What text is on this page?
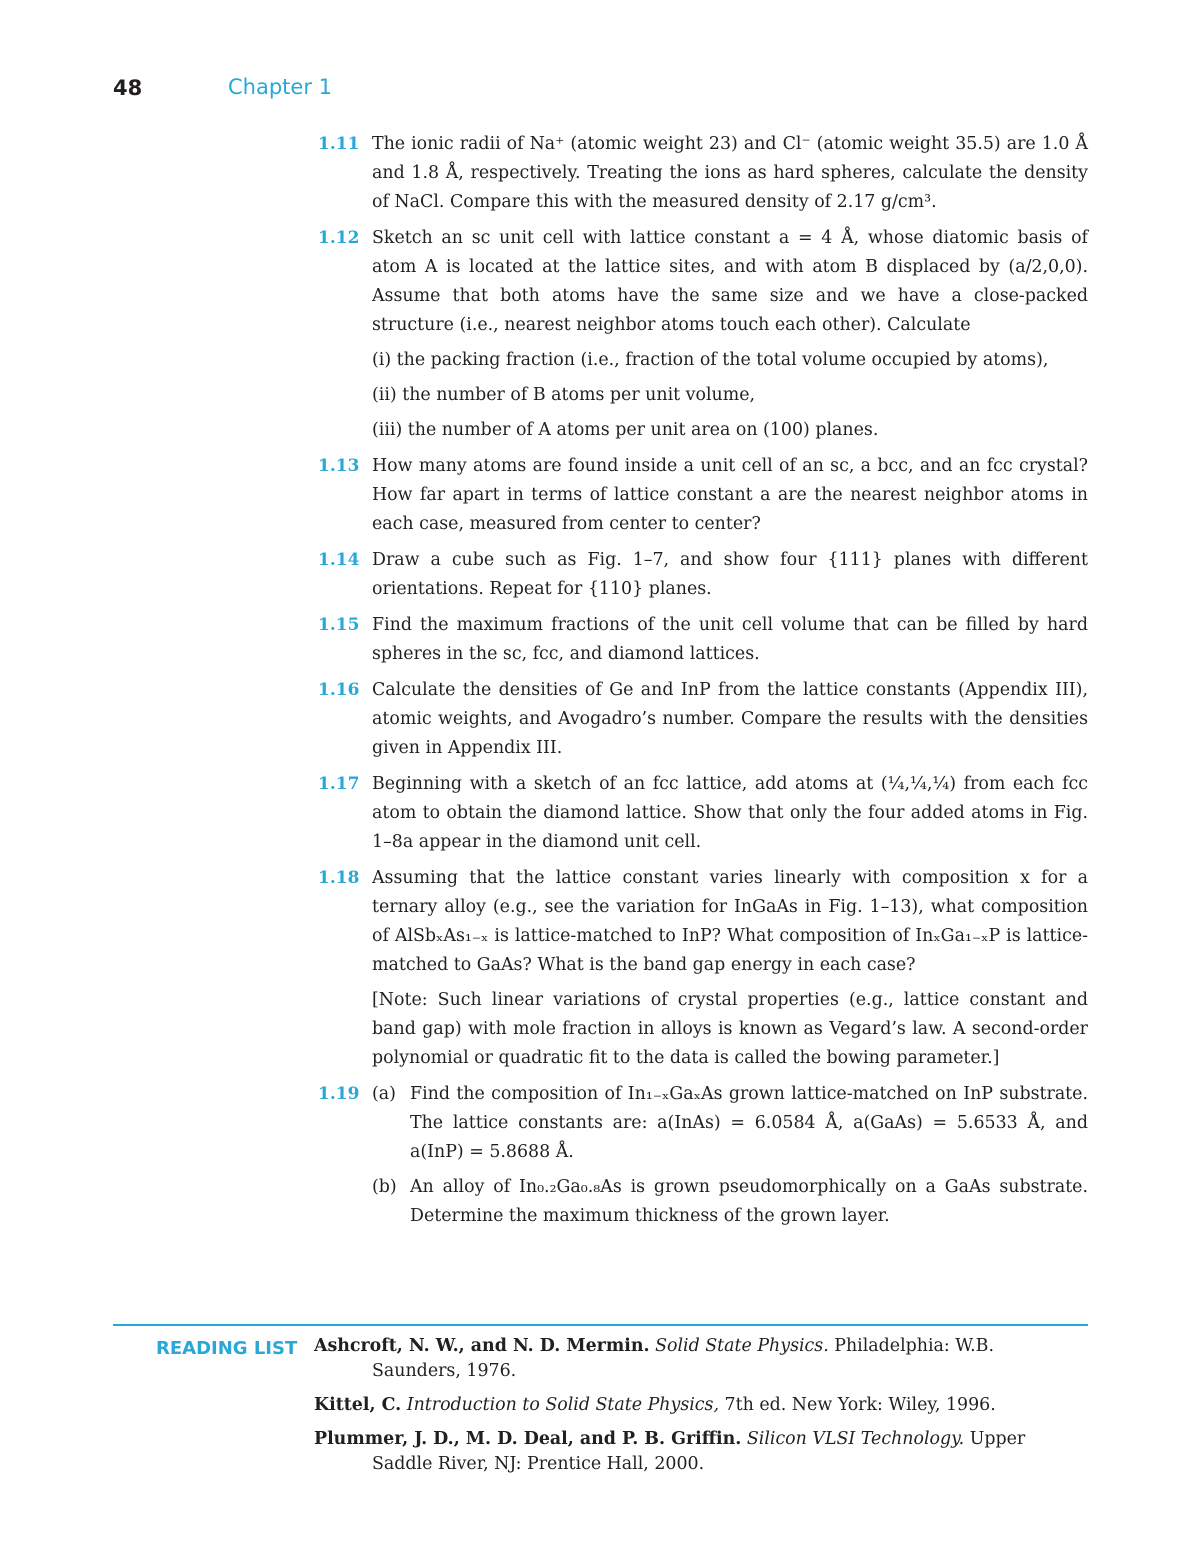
48	Chapter 1
1.11 The ionic radii of Na⁺ (atomic weight 23) and Cl⁻ (atomic weight 35.5) are 1.0 Å and 1.8 Å, respectively. Treating the ions as hard spheres, calculate the density of NaCl. Compare this with the measured density of 2.17 g/cm³.
1.12 Sketch an sc unit cell with lattice constant a = 4 Å, whose diatomic basis of atom A is located at the lattice sites, and with atom B displaced by (a/2,0,0). Assume that both atoms have the same size and we have a close-packed structure (i.e., nearest neighbor atoms touch each other). Calculate
(i) the packing fraction (i.e., fraction of the total volume occupied by atoms),
(ii) the number of B atoms per unit volume,
(iii) the number of A atoms per unit area on (100) planes.
1.13 How many atoms are found inside a unit cell of an sc, a bcc, and an fcc crystal? How far apart in terms of lattice constant a are the nearest neighbor atoms in each case, measured from center to center?
1.14 Draw a cube such as Fig. 1–7, and show four {111} planes with different orientations. Repeat for {110} planes.
1.15 Find the maximum fractions of the unit cell volume that can be filled by hard spheres in the sc, fcc, and diamond lattices.
1.16 Calculate the densities of Ge and InP from the lattice constants (Appendix III), atomic weights, and Avogadro’s number. Compare the results with the densities given in Appendix III.
1.17 Beginning with a sketch of an fcc lattice, add atoms at (¼,¼,¼) from each fcc atom to obtain the diamond lattice. Show that only the four added atoms in Fig. 1–8a appear in the diamond unit cell.
1.18 Assuming that the lattice constant varies linearly with composition x for a ternary alloy (e.g., see the variation for InGaAs in Fig. 1–13), what composition of AlSbₓAs₁₋ₓ is lattice-matched to InP? What composition of InₓGa₁₋ₓP is lattice-matched to GaAs? What is the band gap energy in each case?
[Note: Such linear variations of crystal properties (e.g., lattice constant and band gap) with mole fraction in alloys is known as Vegard’s law. A second-order polynomial or quadratic fit to the data is called the bowing parameter.]
1.19 (a) Find the composition of In₁₋ₓGaₓAs grown lattice-matched on InP substrate. The lattice constants are: a(InAs) = 6.0584 Å, a(GaAs) = 5.6533 Å, and a(InP) = 5.8688 Å.
(b) An alloy of In₀.₂Ga₀.₈As is grown pseudomorphically on a GaAs substrate. Determine the maximum thickness of the grown layer.
READING LIST Ashcroft, N. W., and N. D. Mermin. Solid State Physics. Philadelphia: W.B. Saunders, 1976.
Kittel, C. Introduction to Solid State Physics, 7th ed. New York: Wiley, 1996.
Plummer, J. D., M. D. Deal, and P. B. Griffin. Silicon VLSI Technology. Upper Saddle River, NJ: Prentice Hall, 2000.
